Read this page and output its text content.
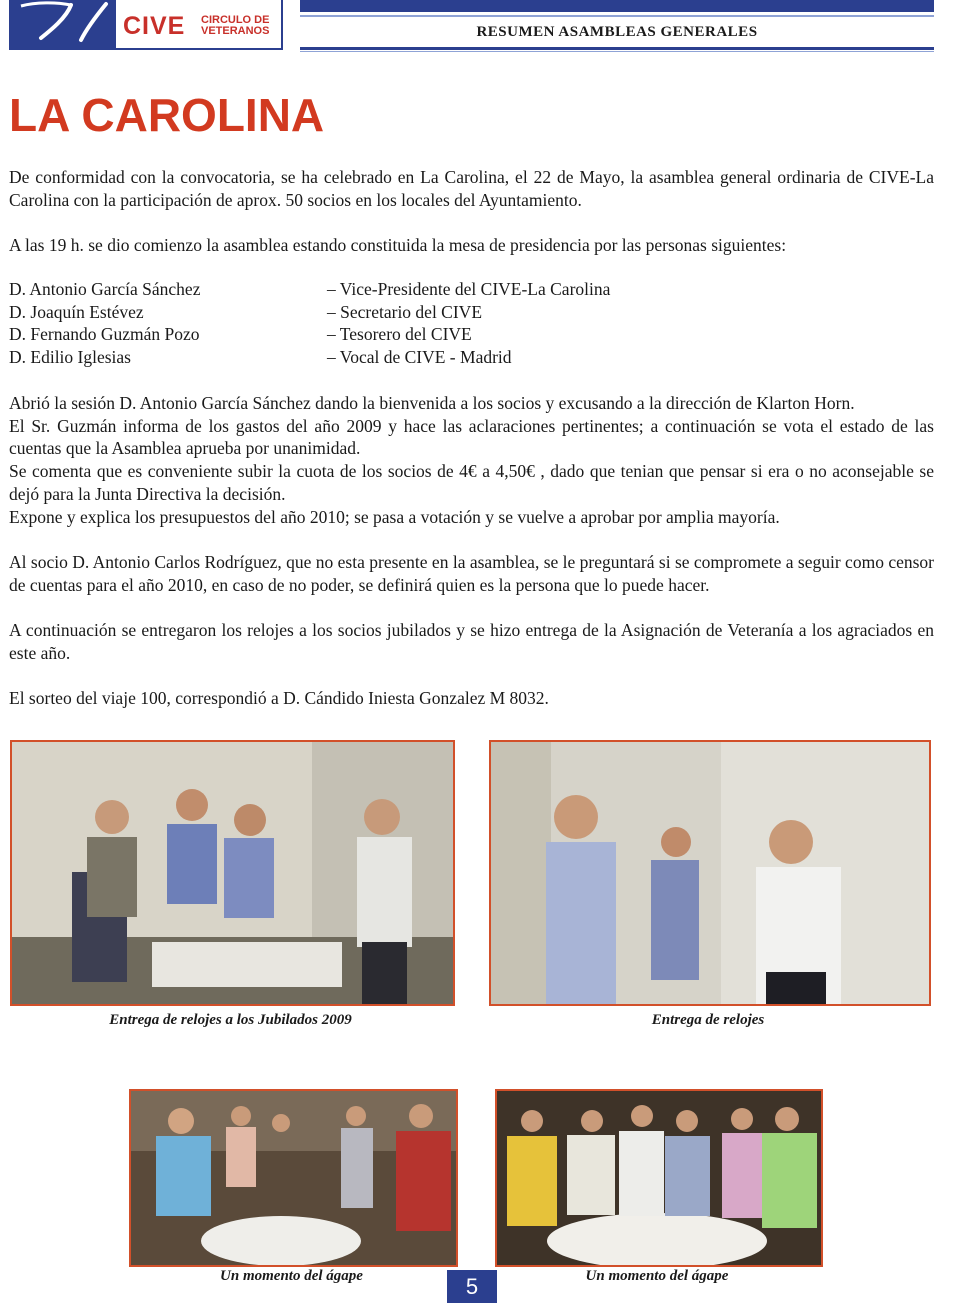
CIVE CIRCULO DE
VETERANOS	RESUMEN ASAMBLEAS GENERALES
LA CAROLINA

De conformidad con la convocatoria, se ha celebrado en La Carolina, el 22 de Mayo, la asamblea general ordinaria de CIVE-La Carolina con la participación de aprox. 50 socios en los locales del Ayuntamiento.

A las 19 h. se dio comienzo la asamblea estando constituida la mesa de presidencia por las personas siguientes:

D. Antonio García Sánchez	– Vice-Presidente del CIVE-La Carolina
D. Joaquín Estévez	– Secretario del CIVE
D. Fernando Guzmán Pozo	– Tesorero del CIVE
D. Edilio Iglesias	– Vocal de CIVE - Madrid
Abrió la sesión D. Antonio García Sánchez dando la bienvenida a los socios y excusando a la dirección de Klarton Horn.
El Sr. Guzmán informa de los gastos del año 2009 y hace las aclaraciones pertinentes; a continuación se vota el estado de las cuentas que la Asamblea aprueba por unanimidad.
Se comenta que es conveniente subir la cuota de los socios de 4€ a 4,50€ , dado que tenian que pensar si era o no aconsejable se dejó para la Junta Directiva la decisión.
Expone y explica los presupuestos del año 2010; se pasa a votación y se vuelve a aprobar por amplia mayoría.

Al socio D. Antonio Carlos Rodríguez, que no esta presente en la asamblea, se le preguntará si se compromete a seguir como censor de cuentas para el año 2010, en caso de no poder, se definirá quien es la persona que lo puede hacer.

A continuación se entregaron los relojes a los socios jubilados y se hizo entrega de la Asignación de Veteranía a los agraciados en este año.

El sorteo del viaje 100, correspondió a D. Cándido Iniesta Gonzalez M 8032.

Entrega de relojes a los Jubilados 2009	Entrega de relojes
Un momento del ágape	Un momento del ágape
5
